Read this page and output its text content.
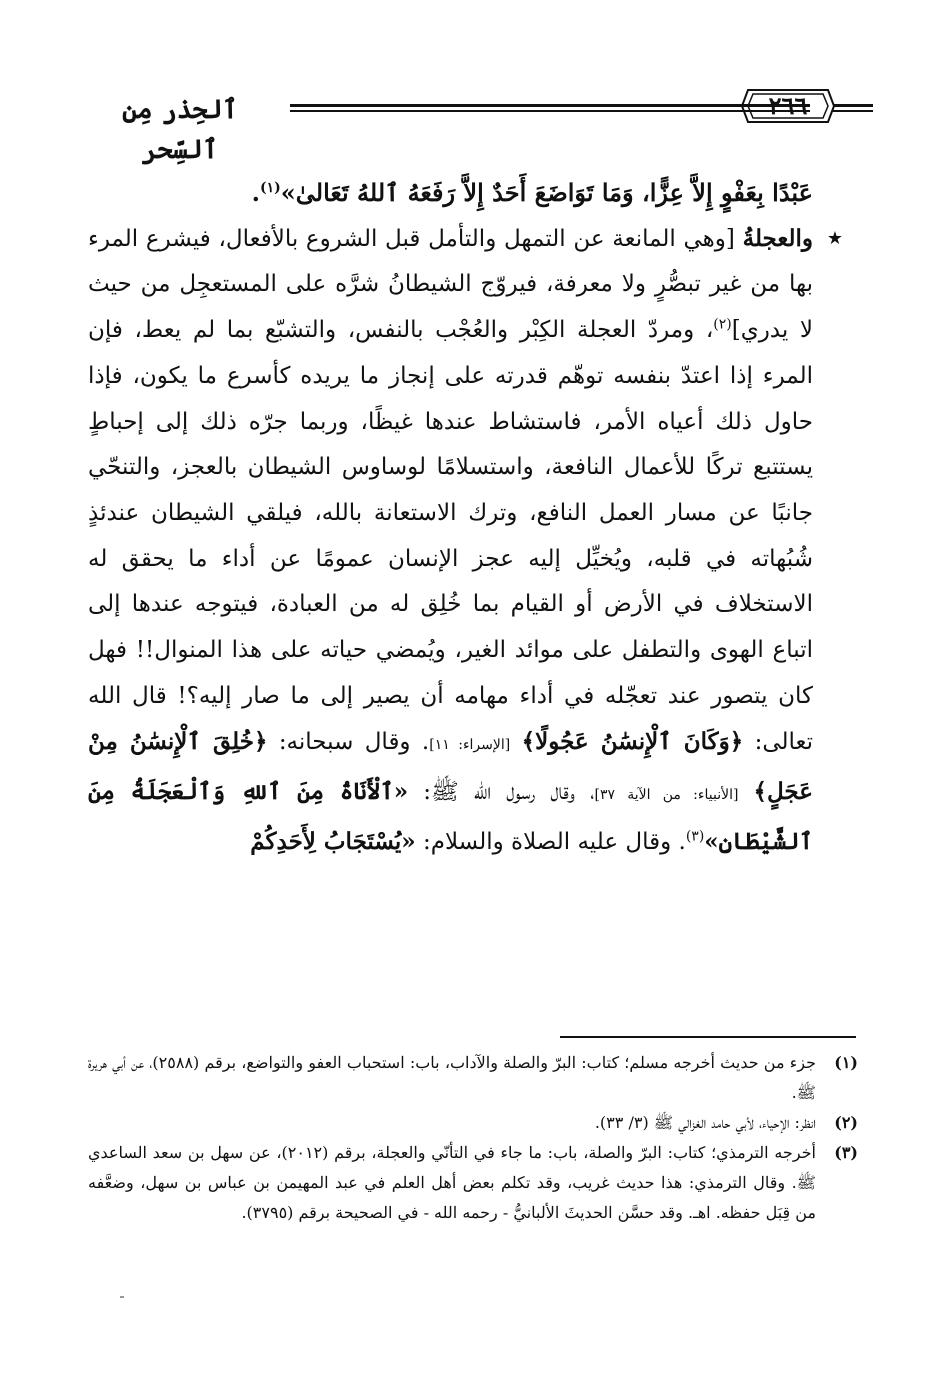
ٱلحِذر مِن ٱلسِّحر
٢٦٦

عَبْدًا بِعَفْوٍ إِلاَّ عِزًّا، وَمَا تَوَاضَعَ أَحَدٌ إِلاَّ رَفَعَهُ ٱللهُ تَعَالىٰ»$^{(١)}$.

★

والعجلةُ [وهي المانعة عن التمهل والتأمل قبل الشروع بالأفعال، فيشرع المرء بها من غير تبصُّرٍ ولا معرفة، فيروّج الشيطانُ شرَّه على المستعجِل من حيث لا يدري]$^{(٢)}$، ومردّ العجلة الكِبْر والعُجْب بالنفس، والتشبّع بما لم يعط، فإن المرء إذا اعتدّ بنفسه توهّم قدرته على إنجاز ما يريده كأسرع ما يكون، فإذا حاول ذلك أعياه الأمر، فاستشاط عندها غيظًا، وربما جرّه ذلك إلى إحباطٍ يستتبع تركًا للأعمال النافعة، واستسلامًا لوساوس الشيطان بالعجز، والتنحّي جانبًا عن مسار العمل النافع، وترك الاستعانة بالله، فيلقي الشيطان عندئذٍ شُبُهاته في قلبه، ويُخيِّل إليه عجز الإنسان عمومًا عن أداء ما يحقق له الاستخلاف في الأرض أو القيام بما خُلِق له من العبادة، فيتوجه عندها إلى اتباع الهوى والتطفل على موائد الغير، ويُمضي حياته على هذا المنوال!! فهل كان يتصور عند تعجّله في أداء مهامه أن يصير إلى ما صار إليه؟! قال الله تعالى: ﴿وَكَانَ ٱلْإِنسَٰنُ عَجُولًا﴾ [الإسراء: ١١]. وقال سبحانه: ﴿خُلِقَ ٱلْإِنسَٰنُ مِنْ عَجَلٍ﴾ [الأنبياء: من الآية ٣٧]، وقال رسول الله ﷺ: «ٱلْأَنَاةُ مِنَ ٱللهِ وَٱلْعَجَلَةُ مِنَ ٱلشَّيْطَانِ»$^{(٣)}$. وقال عليه الصلاة والسلام: «يُسْتَجَابُ لِأَحَدِكُمْ

(١)

جزء من حديث أخرجه مسلم؛ كتاب: البرّ والصلة والآداب، باب: استحباب العفو والتواضع، برقم (٢٥٨٨)، عن أبي هريرة ﷺ.

(٢)

انظر: الإحياء، لأبي حامد الغزالي ﷺ (٣/ ٣٣).

(٣)

أخرجه الترمذي؛ كتاب: البرّ والصلة، باب: ما جاء في التأنّي والعجلة، برقم (٢٠١٢)، عن سهل بن سعد الساعدي ﷺ. وقال الترمذي: هذا حديث غريب، وقد تكلم بعض أهل العلم في عبد المهيمن بن عباس بن سهل، وضعَّفه من قِبَل حفظه. اهـ. وقد حسَّن الحديثَ الألبانيُّ - رحمه الله - في الصحيحة برقم (٣٧٩٥).
